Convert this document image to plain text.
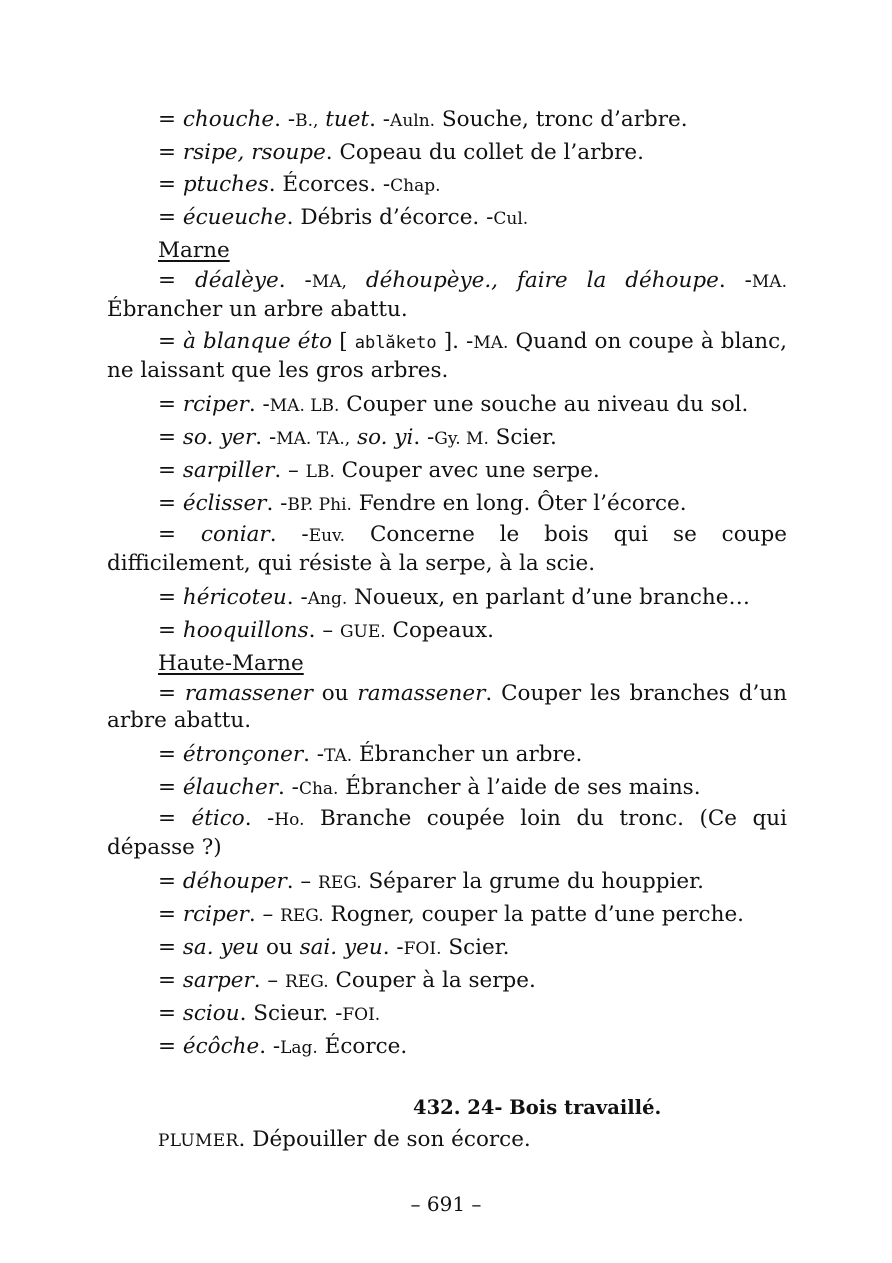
= chouche. -B., tuet. -Auln. Souche, tronc d’arbre.

= rsipe, rsoupe. Copeau du collet de l’arbre.

= ptuches. Écorces. -Chap.

= écueuche. Débris d’écorce. -Cul.

Marne

= déalèye. -MA, déhoupèye., faire la déhoupe. -MA. Ébrancher un arbre abattu.

= à blanque éto [ ablăketo ]. -MA. Quand on coupe à blanc, ne laissant que les gros arbres.

= rciper. -MA. LB. Couper une souche au niveau du sol.

= so. yer. -MA. TA., so. yi. -Gy. M. Scier.

= sarpiller. – LB. Couper avec une serpe.

= éclisser. -BP. Phi. Fendre en long. Ôter l’écorce.

= coniar. -Euv. Concerne le bois qui se coupe difficilement, qui résiste à la serpe, à la scie.

= héricoteu. -Ang. Noueux, en parlant d’une branche…

= hooquillons. – GUE. Copeaux.

Haute-Marne

= ramassener ou ramassener. Couper les branches d’un arbre abattu.

= étronçoner. -TA. Ébrancher un arbre.

= élaucher. -Cha. Ébrancher à l’aide de ses mains.

= ético. -Ho. Branche coupée loin du tronc. (Ce qui dépasse ?)

= déhouper. – REG. Séparer la grume du houppier.

= rciper. – REG. Rogner, couper la patte d’une perche.

= sa. yeu ou sai. yeu. -FOI. Scier.

= sarper. – REG. Couper à la serpe.

= sciou. Scieur. -FOI.

= écôche. -Lag. Écorce.

432. 24- Bois travaillé.

PLUMER. Dépouiller de son écorce.

– 691 –
